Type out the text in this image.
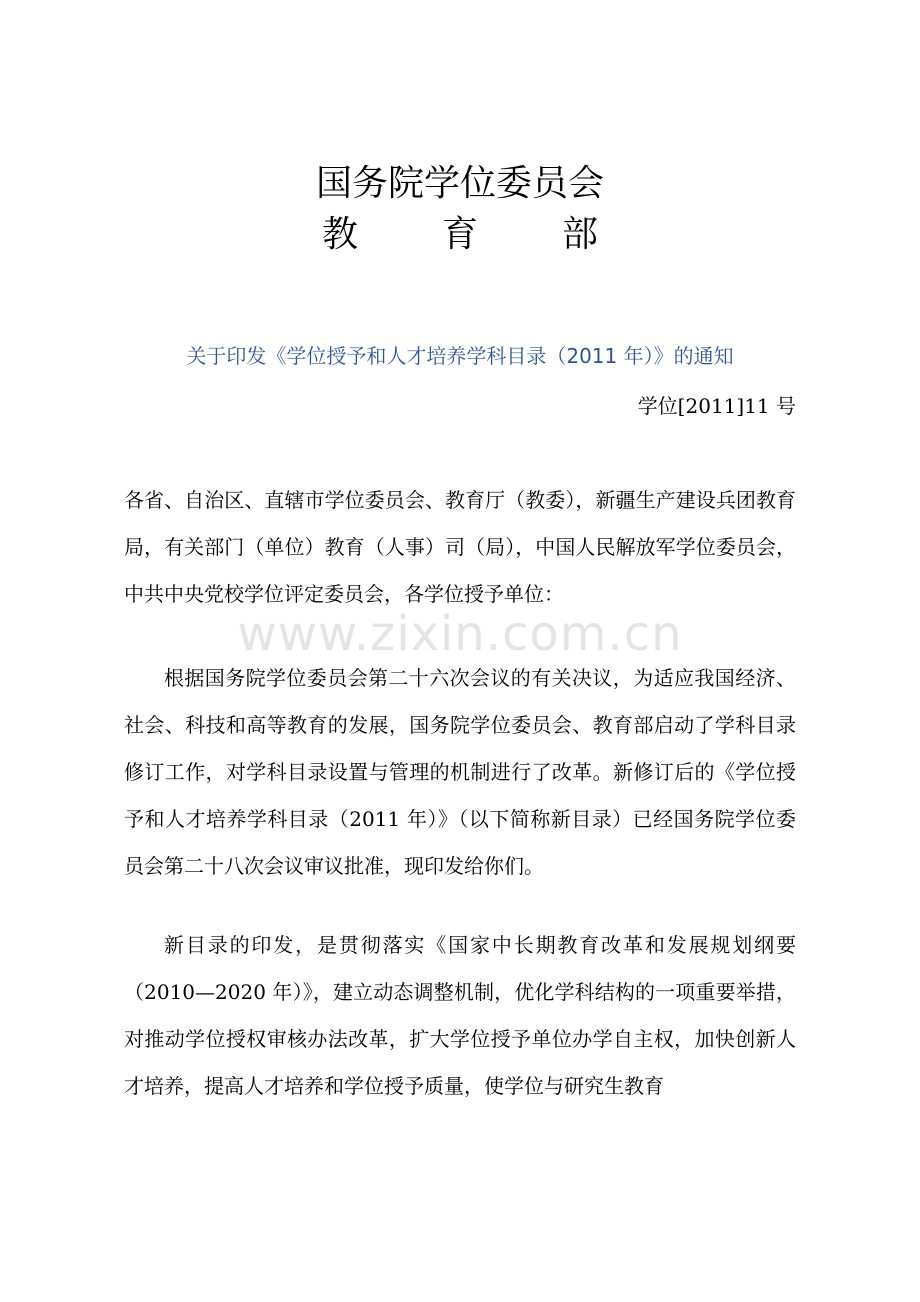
国务院学位委员会
教 育 部
关于印发《学位授予和人才培养学科目录（2011 年）》的通知
学位[2011]11 号

各省、自治区、直辖市学位委员会、教育厅（教委），新疆生产建设兵团教育局，有关部门（单位）教育（人事）司（局），中国人民解放军学位委员会，中共中央党校学位评定委员会，各学位授予单位：

www.zixin.com.cn

根据国务院学位委员会第二十六次会议的有关决议，为适应我国经济、社会、科技和高等教育的发展，国务院学位委员会、教育部启动了学科目录修订工作，对学科目录设置与管理的机制进行了改革。新修订后的《学位授予和人才培养学科目录（2011 年）》（以下简称新目录）已经国务院学位委员会第二十八次会议审议批准，现印发给你们。

新目录的印发，是贯彻落实《国家中长期教育改革和发展规划纲要（2010—2020 年）》，建立动态调整机制，优化学科结构的一项重要举措，对推动学位授权审核办法改革，扩大学位授予单位办学自主权，加快创新人才培养，提高人才培养和学位授予质量，使学位与研究生教育
